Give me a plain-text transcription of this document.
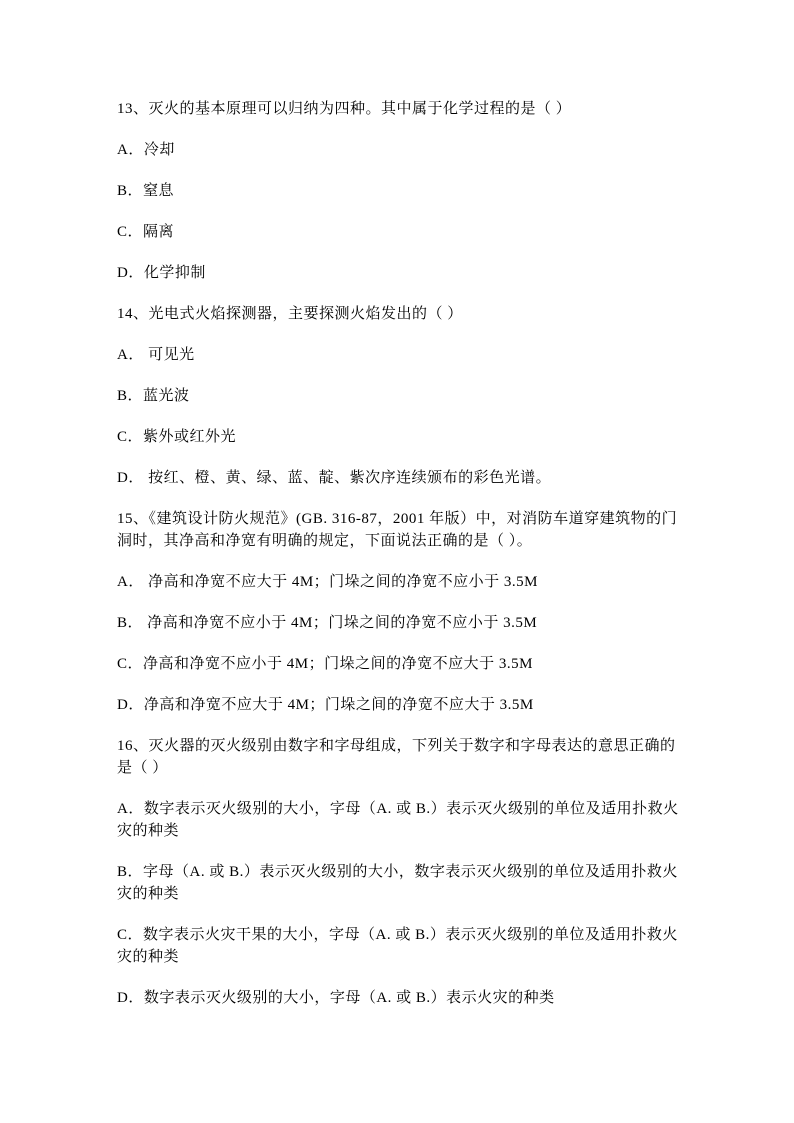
13、灭火的基本原理可以归纳为四种。其中属于化学过程的是（ ）

A．冷却

B．窒息

C．隔离

D．化学抑制

14、光电式火焰探测器，主要探测火焰发出的（ ）

A． 可见光

B．蓝光波

C．紫外或红外光

D． 按红、橙、黄、绿、蓝、靛、紫次序连续颁布的彩色光谱。

15、《建筑设计防火规范》(GB. 316-87，2001 年版）中，对消防车道穿建筑物的门洞时，其净高和净宽有明确的规定，下面说法正确的是（ ）。

A． 净高和净宽不应大于 4M；门垛之间的净宽不应小于 3.5M

B． 净高和净宽不应小于 4M；门垛之间的净宽不应小于 3.5M

C．净高和净宽不应小于 4M；门垛之间的净宽不应大于 3.5M

D．净高和净宽不应大于 4M；门垛之间的净宽不应大于 3.5M

16、灭火器的灭火级别由数字和字母组成，下列关于数字和字母表达的意思正确的是（ ）

A．数字表示灭火级别的大小，字母（A. 或 B.）表示灭火级别的单位及适用扑救火灾的种类

B．字母（A. 或 B.）表示灭火级别的大小，数字表示灭火级别的单位及适用扑救火灾的种类

C．数字表示火灾干果的大小，字母（A. 或 B.）表示灭火级别的单位及适用扑救火灾的种类

D．数字表示灭火级别的大小，字母（A. 或 B.）表示火灾的种类
